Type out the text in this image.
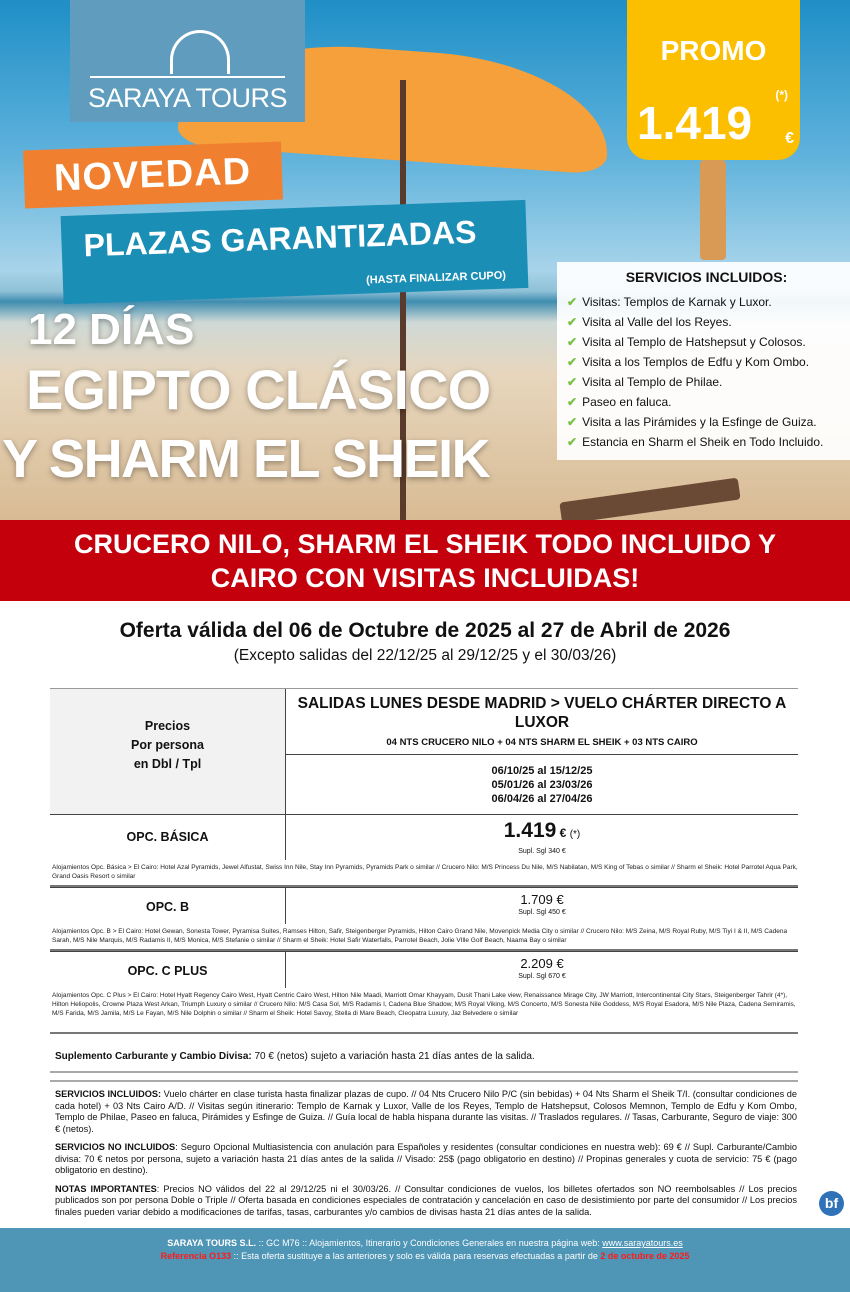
SARAYA TOURS
PROMO
1.419
(*)
€
NOVEDAD
PLAZAS GARANTIZADAS
(HASTA FINALIZAR CUPO)
12 DÍAS
EGIPTO CLÁSICO
Y SHARM EL SHEIK
SERVICIOS INCLUIDOS:
✔ Visitas: Templos de Karnak y Luxor.
✔ Visita al Valle del los Reyes.
✔ Visita al Templo de Hatshepsut y Colosos.
✔ Visita a los Templos de Edfu y Kom Ombo.
✔ Visita al Templo de Philae.
✔ Paseo en faluca.
✔ Visita a las Pirámides y la Esfinge de Guiza.
✔ Estancia en Sharm el Sheik en Todo Incluido.
CRUCERO NILO, SHARM EL SHEIK TODO INCLUIDO Y
CAIRO CON VISITAS INCLUIDAS!
Oferta válida del 06 de Octubre de 2025 al 27 de Abril de 2026
(Excepto salidas del 22/12/25 al 29/12/25 y el 30/03/26)
Precios
Por persona
en Dbl / Tpl
SALIDAS LUNES DESDE MADRID > VUELO CHÁRTER DIRECTO A LUXOR
04 NTS CRUCERO NILO + 04 NTS SHARM EL SHEIK + 03 NTS CAIRO
06/10/25 al 15/12/25
05/01/26 al 23/03/26
06/04/26 al 27/04/26
OPC. BÁSICA	1.419 € (*)
Supl. Sgl 340 €
Alojamientos Opc. Básica > El Cairo: Hotel Azal Pyramids, Jewel Alfustat, Swiss Inn Nile, Stay Inn Pyramids, Pyramids Park o similar // Crucero Nilo: M/S Princess Du Nile, M/S Nabilatan, M/S King of Tebas o similar // Sharm el Sheik: Hotel Parrotel Aqua Park, Grand Oasis Resort o similar
OPC. B	1.709 €
Supl. Sgl 450 €
Alojamientos Opc. B > El Cairo: Hotel Gewan, Sonesta Tower, Pyramisa Suites, Ramses Hilton, Safir, Steigenberger Pyramids, Hilton Cairo Grand Nile, Movenpick Media City o similar // Crucero Nilo: M/S Zeina, M/S Royal Ruby, M/S Tiyi I & II, M/S Cadena Sarah, M/S Nile Marquis, M/S Radamis II, M/S Monica, M/S Stefanie o similar // Sharm el Sheik: Hotel Safir Waterfalls, Parrotel Beach, Jolie VIlle Golf Beach, Naama Bay o similar
OPC. C PLUS	2.209 €
Supl. Sgl 670 €
Alojamientos Opc. C Plus > El Cairo: Hotel Hyatt Regency Cairo West, Hyatt Centric Cairo West, Hilton Nile Maadi, Marriott Omar Khayyam, Dusit Thani Lake view, Renaissance Mirage City, JW Marriott, Intercontinental City Stars, Steigenberger Tahrir (4*), Hilton Heliopolis, Crowne Plaza West Arkan, Triumph Luxury o similar // Crucero Nilo: M/S Casa Sol, M/S Radamis I, Cadena Blue Shadow, M/S Royal Viking, M/S Concerto, M/S Sonesta Nile Goddess, M/S Royal Esadora, M/S Nile Plaza, Cadena Semiramis, M/S Farida, M/S Jamila, M/S Le Fayan, M/S Nile Dolphin o similar // Sharm el Sheik: Hotel Savoy, Stella di Mare Beach, Cleopatra Luxury, Jaz Belvedere o similar
Suplemento Carburante y Cambio Divisa: 70 € (netos) sujeto a variación hasta 21 días antes de la salida.
SERVICIOS INCLUIDOS: Vuelo chárter en clase turista hasta finalizar plazas de cupo. // 04 Nts Crucero Nilo P/C (sin bebidas) + 04 Nts Sharm el Sheik T/I. (consultar condiciones de cada hotel) + 03 Nts Cairo A/D. // Visitas según itinerario: Templo de Karnak y Luxor, Valle de los Reyes, Templo de Hatshepsut, Colosos Memnon, Templo de Edfu y Kom Ombo, Templo de Philae, Paseo en faluca, Pirámides y Esfinge de Guiza. // Guía local de habla hispana durante las visitas. // Traslados regulares. // Tasas, Carburante, Seguro de viaje: 300 € (netos).
SERVICIOS NO INCLUIDOS: Seguro Opcional Multiasistencia con anulación para Españoles y residentes (consultar condiciones en nuestra web): 69 € // Supl. Carburante/Cambio divisa: 70 € netos por persona, sujeto a variación hasta 21 días antes de la salida // Visado: 25$ (pago obligatorio en destino) // Propinas generales y cuota de servicio: 75 € (pago obligatorio en destino).
NOTAS IMPORTANTES: Precios NO válidos del 22 al 29/12/25 ni el 30/03/26. // Consultar condiciones de vuelos, los billetes ofertados son NO reembolsables // Los precios publicados son por persona Doble o Triple // Oferta basada en condiciones especiales de contratación y cancelación en caso de desistimiento por parte del consumidor // Los precios finales pueden variar debido a modificaciones de tarifas, tasas, carburantes y/o cambios de divisas hasta 21 días antes de la salida.
bf
SARAYA TOURS S.L. :: GC M76 :: Alojamientos, Itinerario y Condiciones Generales en nuestra página web: www.sarayatours.es
Referencia O133 :: Esta oferta sustituye a las anteriores y solo es válida para reservas efectuadas a partir de 2 de octubre de 2025
